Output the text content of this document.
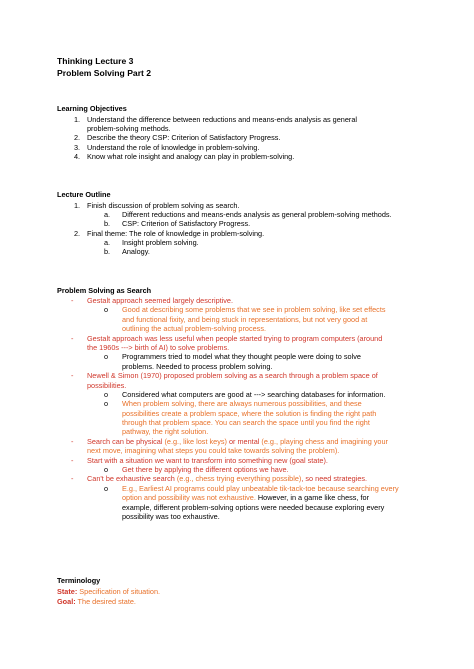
Thinking Lecture 3
Problem Solving Part 2
Learning Objectives
1. Understand the difference between reductions and means-ends analysis as general
problem-solving methods.
2. Describe the theory CSP: Criterion of Satisfactory Progress.
3. Understand the role of knowledge in problem-solving.
4. Know what role insight and analogy can play in problem-solving.
Lecture Outline
1. Finish discussion of problem solving as search.
a. Different reductions and means-ends analysis as general problem-solving methods.
b. CSP: Criterion of Satisfactory Progress.
2. Final theme: The role of knowledge in problem-solving.
a. Insight problem solving.
b. Analogy.
Problem Solving as Search
- Gestalt approach seemed largely descriptive.
o Good at describing some problems that we see in problem solving, like set effects
and functional fixity, and being stuck in representations, but not very good at
outlining the actual problem-solving process.
- Gestalt approach was less useful when people started trying to program computers (around
the 1960s ---> birth of AI) to solve problems.
o Programmers tried to model what they thought people were doing to solve
problems. Needed to process problem solving.
- Newell & Simon (1970) proposed problem solving as a search through a problem space of
possibilities.
o Considered what computers are good at ---> searching databases for information.
o When problem solving, there are always numerous possibilities, and these
possibilities create a problem space, where the solution is finding the right path
through that problem space. You can search the space until you find the right
pathway, the right solution.
- Search can be physical (e.g., like lost keys) or mental (e.g., playing chess and imagining your
next move, imagining what steps you could take towards solving the problem).
- Start with a situation we want to transform into something new (goal state).
o Get there by applying the different options we have.
- Can't be exhaustive search (e.g., chess trying everything possible), so need strategies.
o E.g., Earliest AI programs could play unbeatable tik-tack-toe because searching every
option and possibility was not exhaustive. However, in a game like chess, for
example, different problem-solving options were needed because exploring every
possibility was too exhaustive.
Terminology
State: Specification of situation.
Goal: The desired state.
